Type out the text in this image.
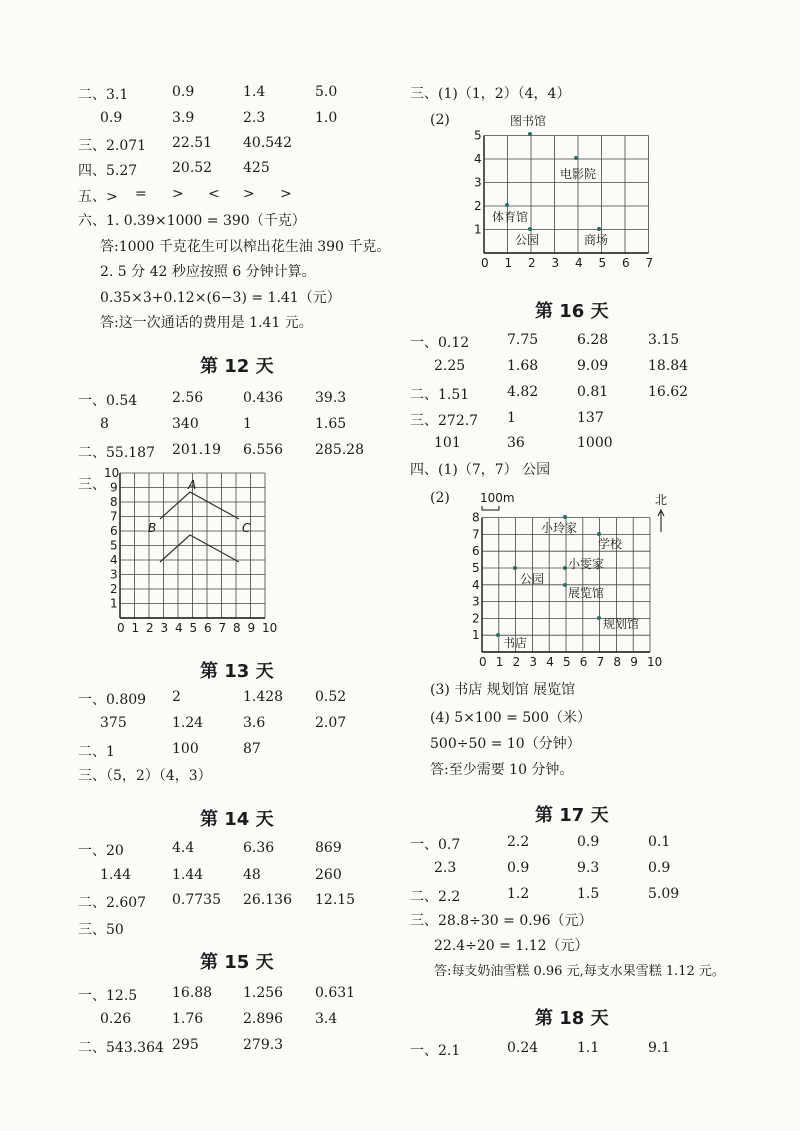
二、3.1	0.9	1.4	5.0
0.9	3.9	2.3	1.0
三、2.071 22.51 40.542
四、5.27 20.52 425
五、> = > < > >
六、1. 0.39×1000 = 390（千克）
答:1000 千克花生可以榨出花生油 390 千克。
2. 5 分 42 秒应按照 6 分钟计算。
0.35×3+0.12×(6−3) = 1.41（元）
答:这一次通话的费用是 1.41 元。
第 12 天
一、0.54 2.56	0.436 39.3
8	340	1	1.65
二、55.187 201.19 6.556 285.28
三、	A
B	C
0 1 2 3 4 5 6 7 8 9 10
1
2
3
4
5
6
7
8
9
10
第 13 天
一、0.809 2	1.428 0.52
375	1.24	3.6	2.07
二、1	100	87
三、（5，2）（4，3）
第 14 天
一、20	4.4	6.36	869
1.44	1.44	48	260
二、2.607 0.7735 26.136 12.15
三、50
第 15 天
一、12.5 16.88 1.256 0.631
0.26	1.76	2.896 3.4
二、543.364 295	279.3
三、(1)（1，2）（4，4）
(2)
0 1 2 3 4 5 6 7
1
2
3
4
5
图书馆
电影院
体育馆
公园	商场
第 16 天
一、0.12	7.75	6.28	3.15
2.25	1.68	9.09	18.84
二、1.51	4.82	0.81	16.62
三、272.7 1	137
101	36	1000
四、(1)（7，7） 公园
(2)	100m	北
0 1 2 3 4 5 6 7 8 9 10
1
2
3
4
5
6
7
8
小玲家
学校
小雯家
公园
展览馆
规划馆
书店
(3) 书店 规划馆 展览馆
(4) 5×100 = 500（米）
500÷50 = 10（分钟）
答:至少需要 10 分钟。
第 17 天
一、0.7	2.2	0.9	0.1
2.3	0.9	9.3	0.9
二、2.2	1.2	1.5	5.09
三、28.8÷30 = 0.96（元）
22.4÷20 = 1.12（元）
答:每支奶油雪糕 0.96 元,每支水果雪糕 1.12 元。
第 18 天
一、2.1	0.24	1.1	9.1
